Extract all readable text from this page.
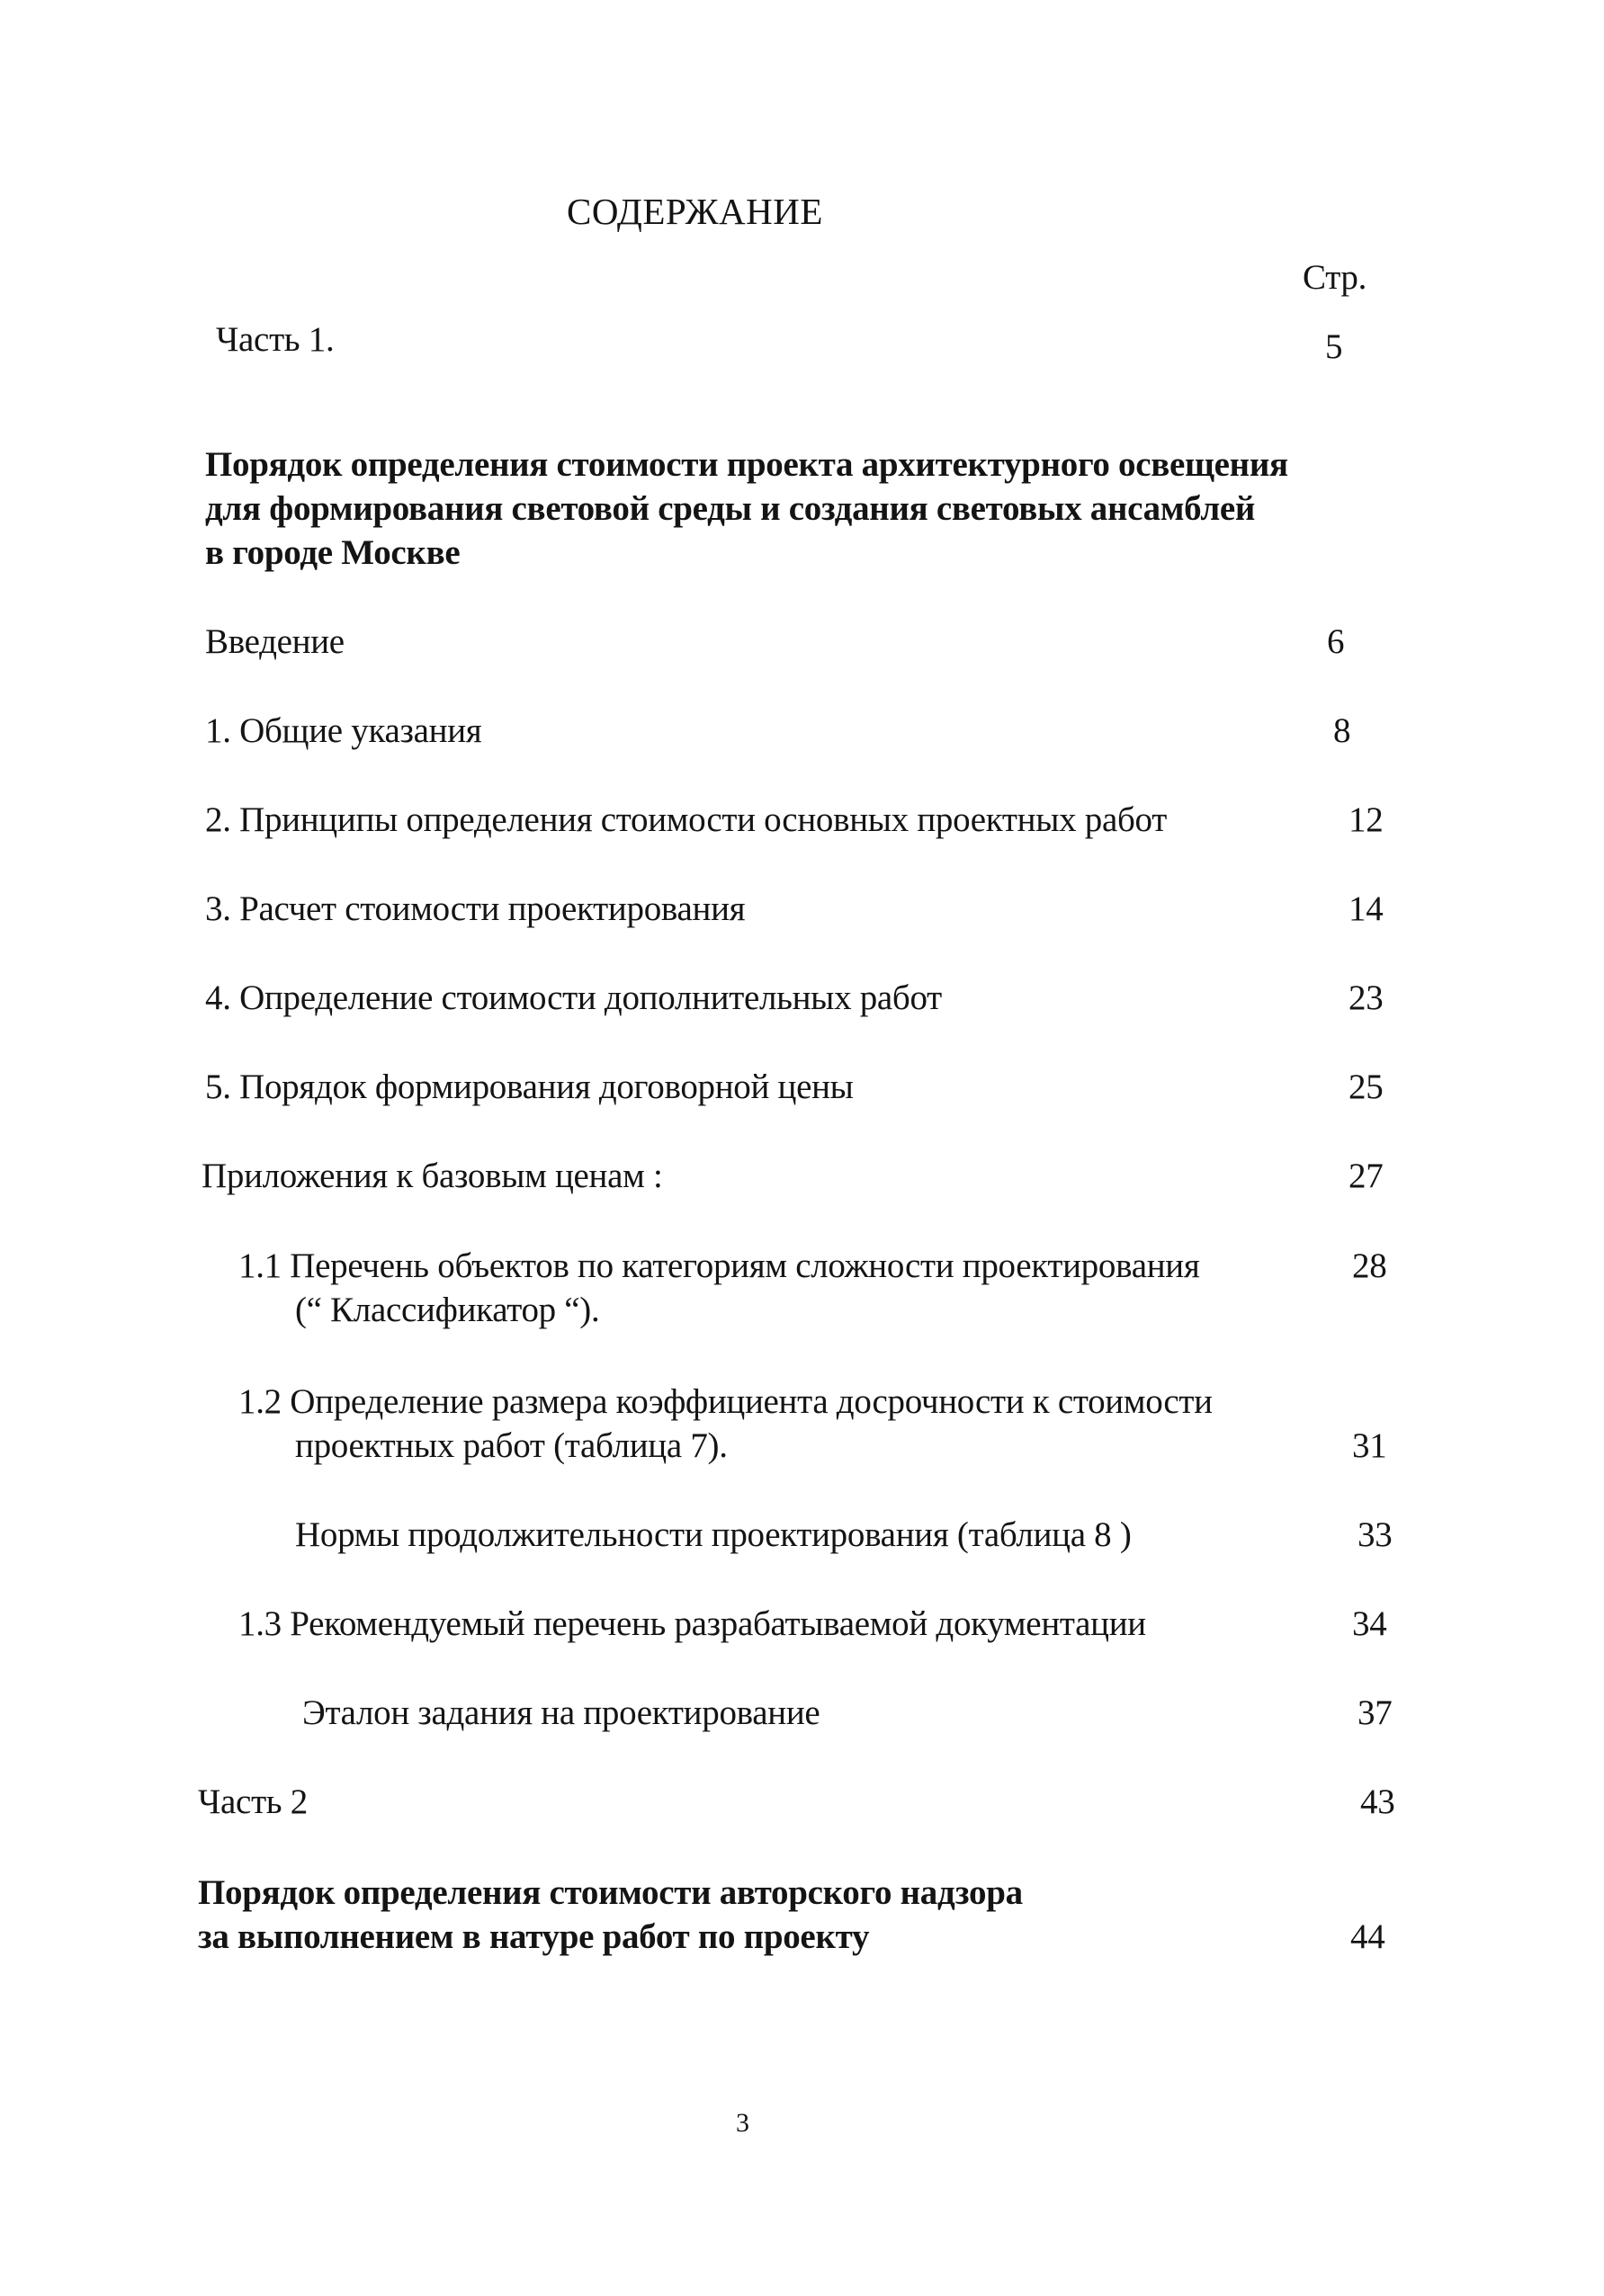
СОДЕРЖАНИЕ
Стр.
Часть 1.	5
Порядок определения стоимости проекта архитектурного освещения
для формирования световой среды и создания световых ансамблей
в городе Москве
Введение	6
1. Общие указания	8
2. Принципы определения стоимости основных проектных работ	12
3. Расчет стоимости проектирования	14
4. Определение стоимости дополнительных работ	23
5. Порядок формирования договорной цены	25
Приложения к базовым ценам :	27
1.1 Перечень объектов по категориям сложности проектирования	28
(“ Классификатор “).
1.2 Определение размера коэффициента досрочности к стоимости
проектных работ (таблица 7).	31
Нормы продолжительности проектирования (таблица 8 )	33
1.3 Рекомендуемый перечень разрабатываемой документации	34
Эталон задания на проектирование	37
Часть 2	43
Порядок определения стоимости авторского надзора
за выполнением в натуре работ по проекту	44
3
